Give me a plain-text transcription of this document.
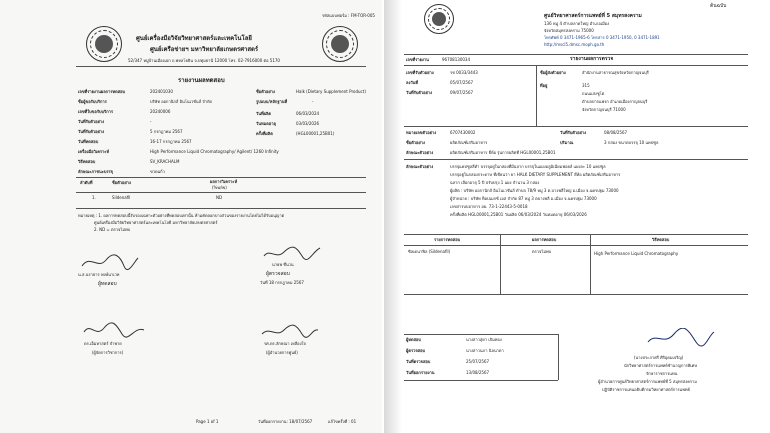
รหัสแบบฟอร์ม : FM-TOR-005
ศูนย์เครื่องมือวิจัยวิทยาศาสตร์และเทคโนโลยี
ศูนย์เครือข่ายฯ มหาวิทยาลัยเกษตรศาสตร์
52/347 หมู่บ้านเมืองเอก ถ.พหลโยธิน จ.ปทุมธานี 12000 โทร. 02-7916000 ต่อ 5170
รายงานผลทดสอบ
เลขที่รายงานผลการทดสอบ	202401030
ชื่อผู้ขอรับบริการ	บริษัท ออกานิกส์ อินโนเวชั่นส์ จำกัด
เลขที่ใบขอรับบริการ	20240006
วันที่รับตัวอย่าง	-
วันที่รับตัวอย่าง	5 กรกฎาคม 2567
วันที่ทดสอบ	16-17 กรกฎาคม 2567
เครื่องมือวิเคราะห์	High Performance Liquid Chromatography/ Agilent/ 1260 Infinity
วิธีทดสอบ	SV_KRACHALM
ลักษณะภาชนะบรรจุ	ขวดแก้ว
ชื่อตัวอย่าง	Halk (Dietary Supplement Product)
รูปแบบ/หลักฐานที่	-
วันที่ผลิต	06/03/2024
วันหมดอายุ	03/03/2026
ครั้งที่ผลิต	(HGL00001,25B01)
ลำดับที่	ชื่อตัวอย่าง	ผลการวิเคราะห์
(%w/w)
1.	Sildenafil	ND
หมายเหตุ : 1. ผลการทดสอบนี้รับรองเฉพาะตัวอย่างที่ทดสอบเท่านั้น ห้ามคัดลอกบางส่วนของรายงานโดยไม่ได้รับอนุญาต
ศูนย์เครื่องมือวิจัยวิทยาศาสตร์และเทคโนโลยี มหาวิทยาลัยเกษตรศาสตร์
2. ND = ตรวจไม่พบ
น.ส.นราธาร พงษ์นาเวท
ผู้ทดสอบ
นายพ ชื่นวน
ผู้ตรวจสอบ
วันที่ 18 กรกฎาคม 2567
ดร.เอ็มหาสตร์ จำพาย
(ผู้จัดการวิชาการ)
รศ.ดร.ลักษณา เหลืองใจ
(ผู้อำนวยการศูนย์)
Page 1 of 1	วันที่ออกรายงาน: 18/07/2567	แก้ไขครั้งที่ : 01
ต้นฉบับ
ศูนย์วิทยาศาสตร์การแพทย์ที่ 5 สมุทรสงคราม
136 หมู่ 4 ตำบลลาดใหญ่ อำเภอเมือง
จังหวัดสมุทรสงคราม 75000
โทรศัพท์ 0 3471-1965-6 โทรสาร 0 3471-1950, 0 3471-1891
http://mscl5.dmsc.moph.go.th
เลขที่รายงาน	96708130034	รายงานผลการตรวจ
เลขที่รับตัวอย่าง	รช 0033/3443
ลงวันที่	05/07/2567
วันที่รับตัวอย่าง	09/07/2567
ชื่อผู้ส่งตัวอย่าง	สำนักงานสาธารณสุขจังหวัดกาญจนบุรี
ที่อยู่	315
ถนนแสงชูโต
ตำบลปากแพรก อำเภอเมืองกาญจนบุรี
จังหวัดกาญจนบุรี 71000
หมายเลขตัวอย่าง	6707430002	วันที่รับตัวอย่าง	08/08/2567
ชื่อตัวอย่าง	ผลิตภัณฑ์เสริมอาหาร	ปริมาณ	3 กล่อง ขนาดบรรจุ 10 แคปซูล
ลักษณะตัวอย่าง	ผลิตภัณฑ์เสริมอาหาร ยี่ห้อ รุ่นการผลิตที่ HGL00001,25B01
ลักษณะตัวอย่าง	บรรจุแคปซูลสีดำ บรรจุอยู่ในกล่องที่มีฉลาก บรรจุในแผงอลูมิเนียมฟอยล์ แผงละ 10 แคปซูล
บรรจุอยู่ในกล่องกระดาษ ที่เขียนว่า ยา HALK DIETARY SUPPLEMENT ยี่ห้อ ผลิตภัณฑ์เสริมอาหาร
ฉลาก เลือกอายุ 5 ปี ปรับปรุง 1 แผง จำนวน 3 กล่อง
ผู้ผลิต : บริษัท ออกานิกส์ อินโนเวชั่นส์ ตำบล 78/9 หมู่ 3 ต.บางพลีใหญ่ อ.เมือง จ.นครปฐม 73000
ผู้จำหน่าย : บริษัท ท็อปเมกซ์ เอส จำกัด 87 หมู่ 3 ตบางพลี อ.เมือง จ.นครปฐม 73000
เลขสารบบอาหาร อย. 73-1-22443-5-0018
ครั้งที่ผลิต HGL00001,25B01 วันผลิต 06/03/2024 วันหมดอายุ 06/03/2026
รายการทดสอบ	ผลการทดสอบ	วิธีทดสอบ
ซิลเดนาฟิล (Sildenafil)	ตรวจไม่พบ	High Performance Liquid Chromatography
ผู้ทดสอบ	นางสาวสุดา เจิมทอง
ผู้ตรวจสอบ	นางสาวนภา นิลนาดา
วันที่ตรวจสอบ	25/07/2567
วันที่ออกรายงาน	13/08/2567
(นางประภาศรี ศิริอุดมเจริญ)
นักวิทยาศาสตร์การแพทย์ชำนาญการพิเศษ
รักษาราชการแทน
ผู้อำนวยการศูนย์วิทยาศาสตร์การแพทย์ที่ 5 สมุทรสงคราม
ปฏิบัติราชการแทนอธิบดีกรมวิทยาศาสตร์การแพทย์
